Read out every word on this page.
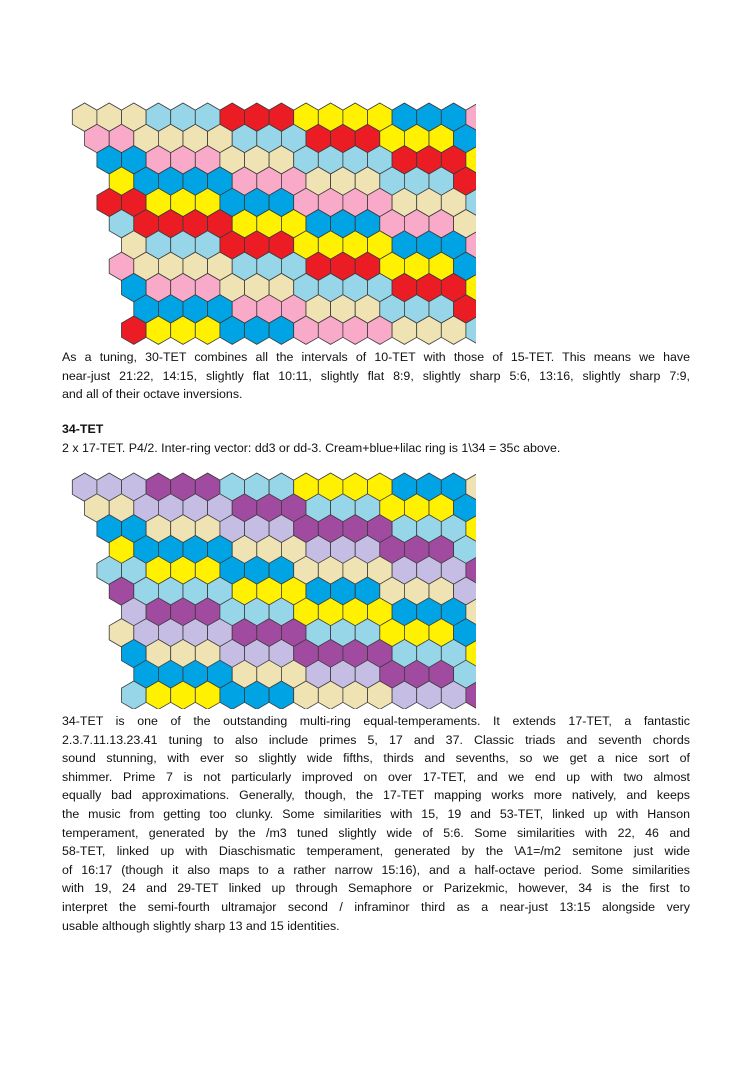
As a tuning, 30-TET combines all the intervals of 10-TET with those of 15-TET. This means we have
near-just 21:22, 14:15, slightly flat 10:11, slightly flat 8:9, slightly sharp 5:6, 13:16, slightly sharp 7:9,
and all of their octave inversions.
34-TET
2 x 17-TET. P4/2. Inter-ring vector: dd3 or dd-3. Cream+blue+lilac ring is 1\34 = 35c above.
34-TET is one of the outstanding multi-ring equal-temperaments. It extends 17-TET, a fantastic
2.3.7.11.13.23.41 tuning to also include primes 5, 17 and 37. Classic triads and seventh chords
sound stunning, with ever so slightly wide fifths, thirds and sevenths, so we get a nice sort of
shimmer. Prime 7 is not particularly improved on over 17-TET, and we end up with two almost
equally bad approximations. Generally, though, the 17-TET mapping works more natively, and keeps
the music from getting too clunky. Some similarities with 15, 19 and 53-TET, linked up with Hanson
temperament, generated by the /m3 tuned slightly wide of 5:6. Some similarities with 22, 46 and
58-TET, linked up with Diaschismatic temperament, generated by the \A1=/m2 semitone just wide
of 16:17 (though it also maps to a rather narrow 15:16), and a half-octave period. Some similarities
with 19, 24 and 29-TET linked up through Semaphore or Parizekmic, however, 34 is the first to
interpret the semi-fourth ultramajor second / inframinor third as a near-just 13:15 alongside very
usable although slightly sharp 13 and 15 identities.
